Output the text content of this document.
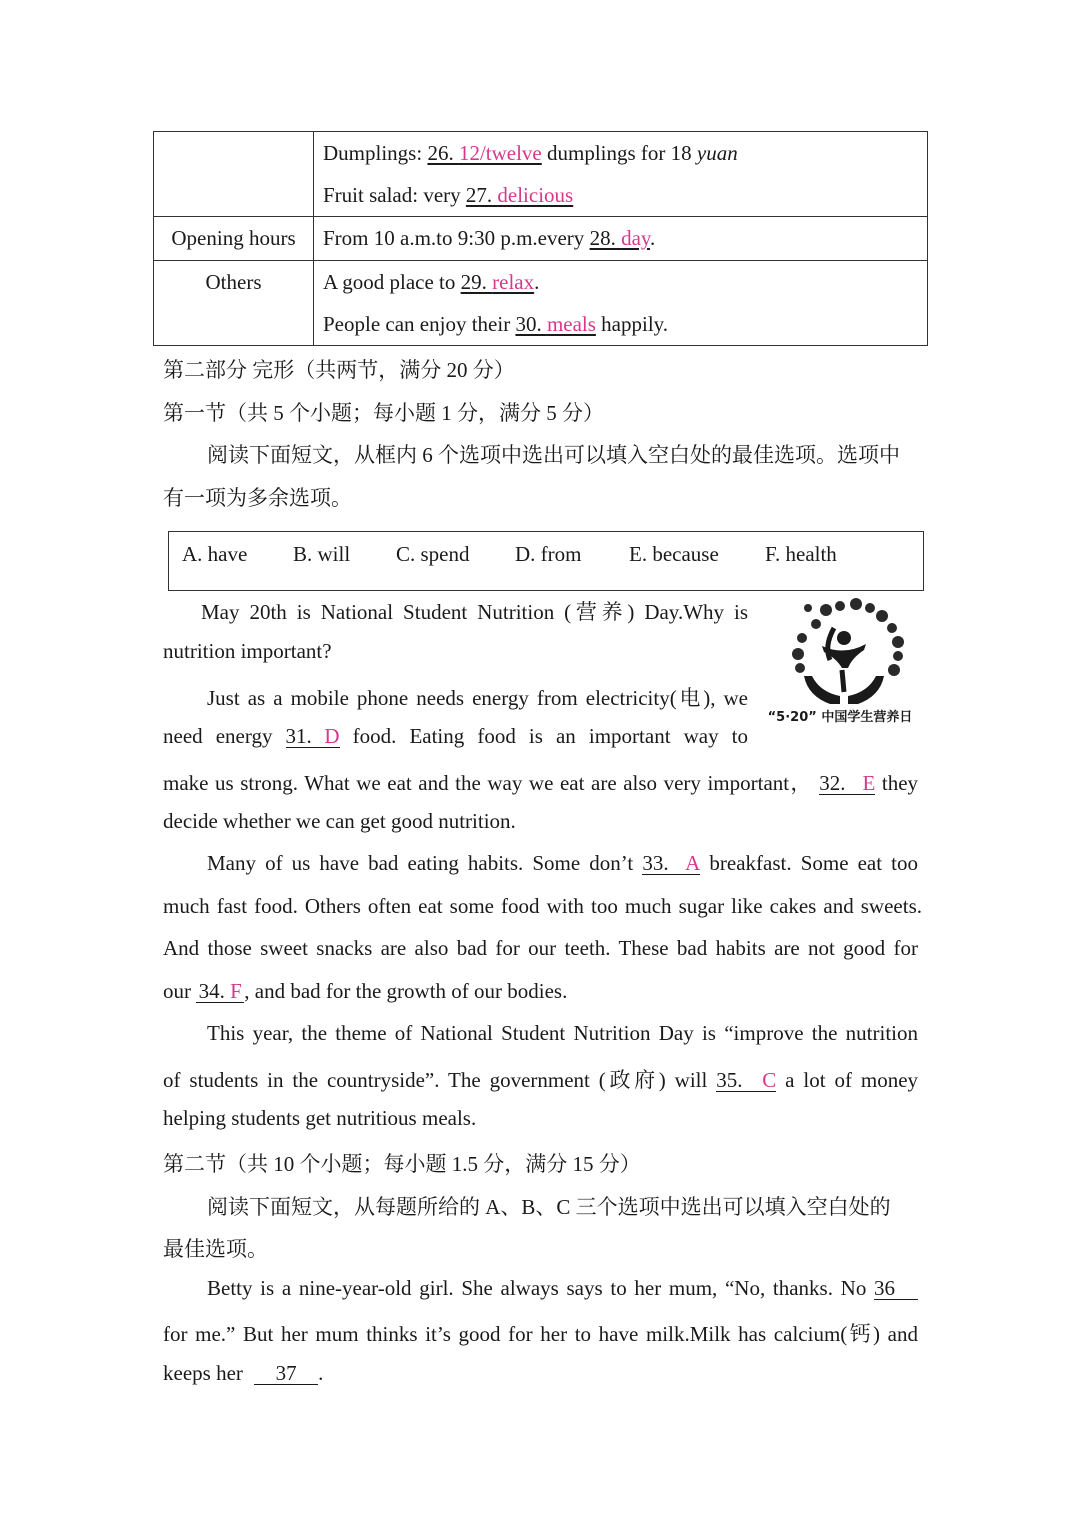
	Dumplings: 26. 12/twelve dumplings for 18 yuan
Fruit salad: very 27. delicious

Opening hours	From 10 a.m.to 9:30 p.m.every 28. day.

Others	A good place to 29. relax.
People can enjoy their 30. meals happily.
第二部分 完形（共两节，满分 20 分）
第一节（共 5 个小题；每小题 1 分，满分 5 分）
阅读下面短文，从框内 6 个选项中选出可以填入空白处的最佳选项。选项中
有一项为多余选项。
A. have B. will C. spend D. from E. because F. health
“5·20” 中国学生营养日
May 20th is National Student Nutrition (营养) Day.Why is
nutrition important?
Just as a mobile phone needs energy from electricity(电), we
need energy 31. D food. Eating food is an important way to
make us strong. What we eat and the way we eat are also very important， 32. E they
decide whether we can get good nutrition.
Many of us have bad eating habits. Some don’t 33. A breakfast. Some eat too
much fast food. Others often eat some food with too much sugar like cakes and sweets.
And those sweet snacks are also bad for our teeth. These bad habits are not good for
our 34. F , and bad for the growth of our bodies.
This year, the theme of National Student Nutrition Day is “improve the nutrition
of students in the countryside”. The government (政府) will 35. C a lot of money
helping students get nutritious meals.
第二节（共 10 个小题；每小题 1.5 分，满分 15 分）
阅读下面短文，从每题所给的 A、B、C 三个选项中选出可以填入空白处的
最佳选项。
Betty is a nine-year-old girl. She always says to her mum, “No, thanks. No 36
for me.” But her mum thinks it’s good for her to have milk.Milk has calcium(钙) and
keeps her 37 .
